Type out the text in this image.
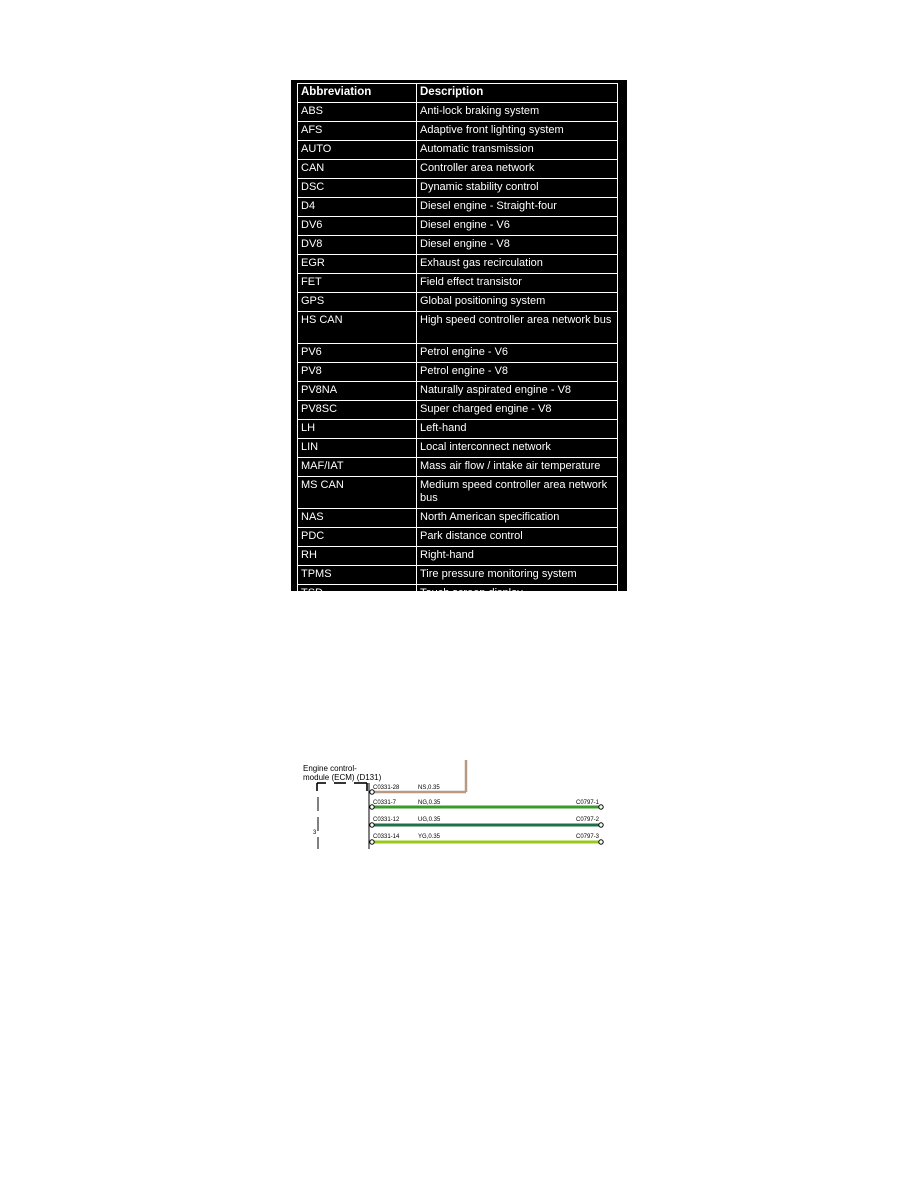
Abbreviation	Description
ABS	Anti-lock braking system
AFS	Adaptive front lighting system
AUTO	Automatic transmission
CAN	Controller area network
DSC	Dynamic stability control
D4	Diesel engine - Straight-four
DV6	Diesel engine - V6
DV8	Diesel engine - V8
EGR	Exhaust gas recirculation
FET	Field effect transistor
GPS	Global positioning system
HS CAN	High speed controller area network bus
PV6	Petrol engine - V6
PV8	Petrol engine - V8
PV8NA	Naturally aspirated engine - V8
PV8SC	Super charged engine - V8
LH	Left-hand
LIN	Local interconnect network
MAF/IAT	Mass air flow / intake air temperature
MS CAN	Medium speed controller area network bus
NAS	North American specification
PDC	Park distance control
RH	Right-hand
TPMS	Tire pressure monitoring system
TSD	Touch screen display
Engine control-
module (ECM) (D131)
3
C0331-28	NS,0.35
C0331-7	NG,0.35	C0797-1
C0331-12	UG,0.35	C0797-2
C0331-14	YG,0.35	C0797-3
